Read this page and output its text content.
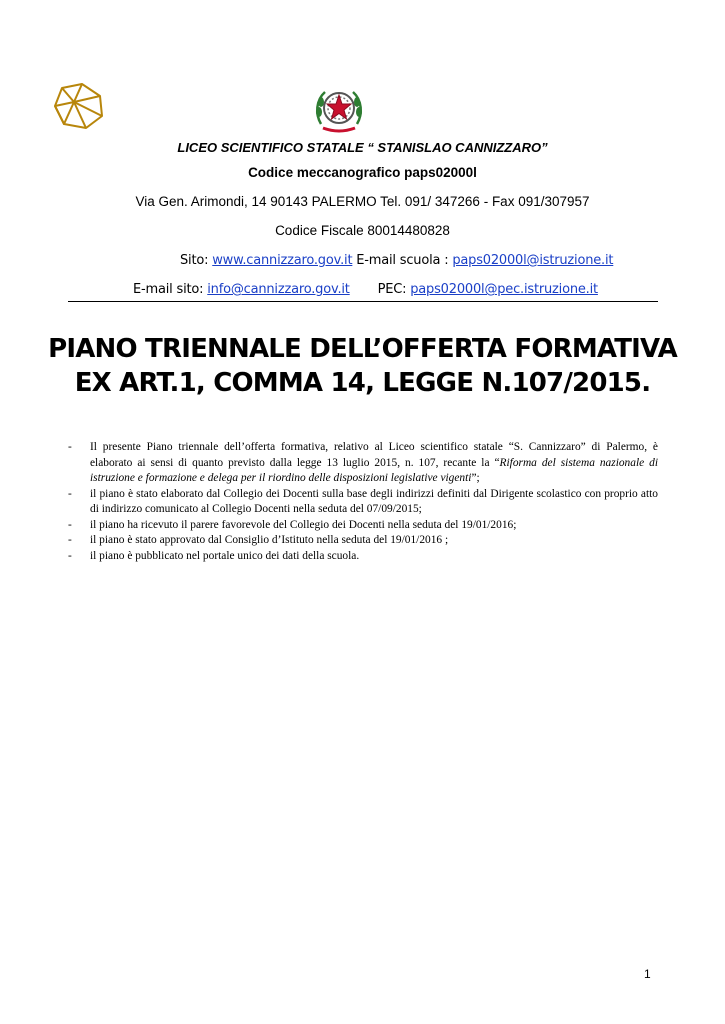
LICEO SCIENTIFICO STATALE “ STANISLAO CANNIZZARO”
Codice meccanografico paps02000l
Via Gen. Arimondi, 14 90143 PALERMO Tel. 091/ 347266 - Fax 091/307957
Codice Fiscale 80014480828
Sito: www.cannizzaro.gov.it E-mail scuola : paps02000l@istruzione.it
E-mail sito: info@cannizzaro.gov.it PEC: paps02000l@pec.istruzione.it
PIANO TRIENNALE DELL’OFFERTA FORMATIVA
EX ART.1, COMMA 14, LEGGE N.107/2015.
- Il presente Piano triennale dell’offerta formativa, relativo al Liceo scientifico statale “S. Cannizzaro” di Palermo, è elaborato ai sensi di quanto previsto dalla legge 13 luglio 2015, n. 107, recante la “Riforma del sistema nazionale di istruzione e formazione e delega per il riordino delle disposizioni legislative vigenti”;
- il piano è stato elaborato dal Collegio dei Docenti sulla base degli indirizzi definiti dal Dirigente scolastico con proprio atto di indirizzo comunicato al Collegio Docenti nella seduta del 07/09/2015;
- il piano ha ricevuto il parere favorevole del Collegio dei Docenti nella seduta del 19/01/2016;
- il piano è stato approvato dal Consiglio d’Istituto nella seduta del 19/01/2016 ;
- il piano è pubblicato nel portale unico dei dati della scuola.
1
